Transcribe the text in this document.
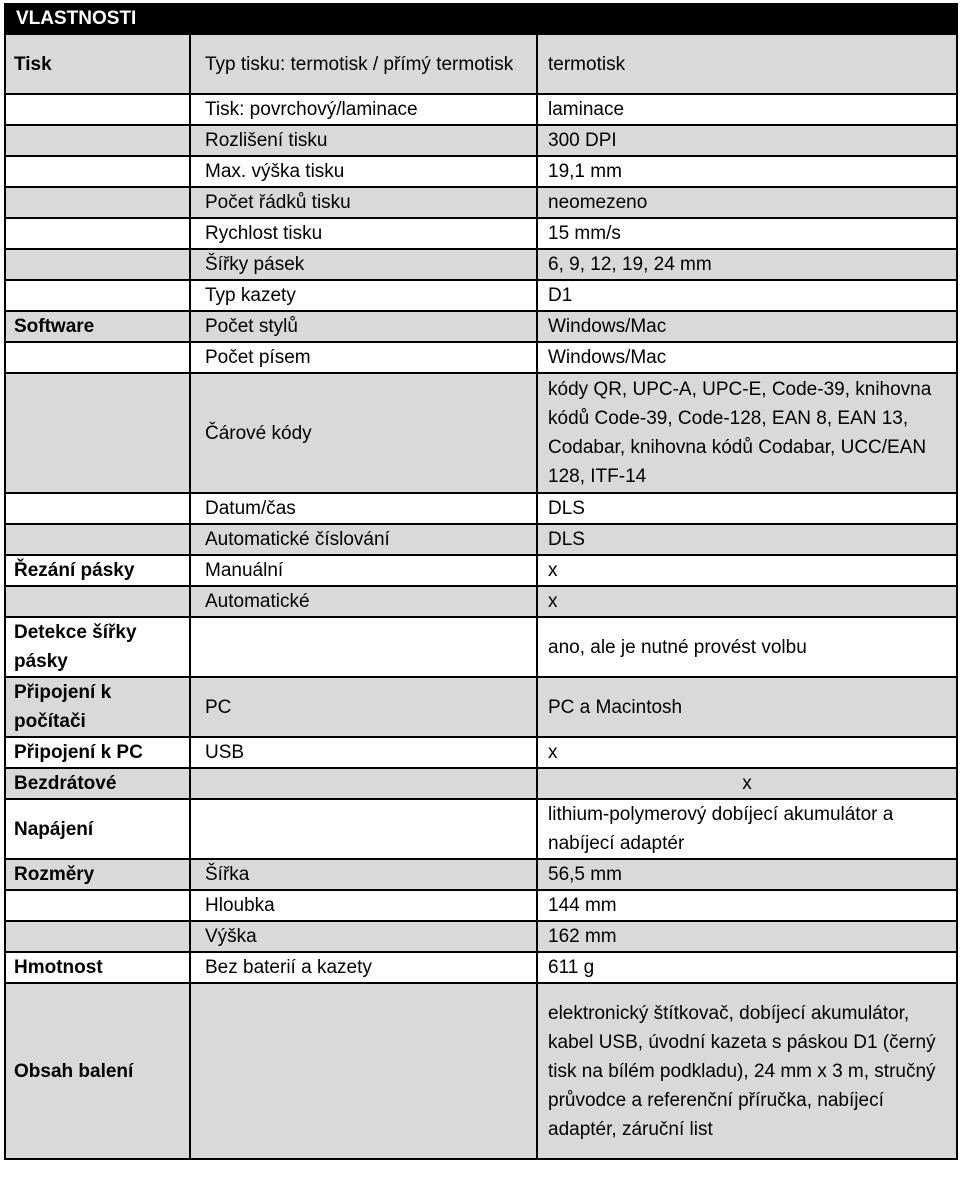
VLASTNOSTI		
Tisk	Typ tisku: termotisk / přímý termotisk	termotisk
	Tisk: povrchový/laminace	laminace
	Rozlišení tisku	300 DPI
	Max. výška tisku	19,1 mm
	Počet řádků tisku	neomezeno
	Rychlost tisku	15 mm/s
	Šířky pásek	6, 9, 12, 19, 24 mm
	Typ kazety	D1
Software	Počet stylů	Windows/Mac
	Počet písem	Windows/Mac
	Čárové kódy	kódy QR, UPC-A, UPC-E, Code-39, knihovna kódů Code-39, Code-128, EAN 8, EAN 13, Codabar, knihovna kódů Codabar, UCC/EAN 128, ITF-14
	Datum/čas	DLS
	Automatické číslování	DLS
Řezání pásky	Manuální	x
	Automatické	x
Detekce šířky pásky		ano, ale je nutné provést volbu
Připojení k počítači	PC	PC a Macintosh
Připojení k PC	USB	x
Bezdrátové		x
Napájení		lithium-polymerový dobíjecí akumulátor a nabíjecí adaptér
Rozměry	Šířka	56,5 mm
	Hloubka	144 mm
	Výška	162 mm
Hmotnost	Bez baterií a kazety	611 g
Obsah balení		elektronický štítkovač, dobíjecí akumulátor, kabel USB, úvodní kazeta s páskou D1 (černý tisk na bílém podkladu), 24 mm x 3 m, stručný průvodce a referenční příručka, nabíjecí adaptér, záruční list
